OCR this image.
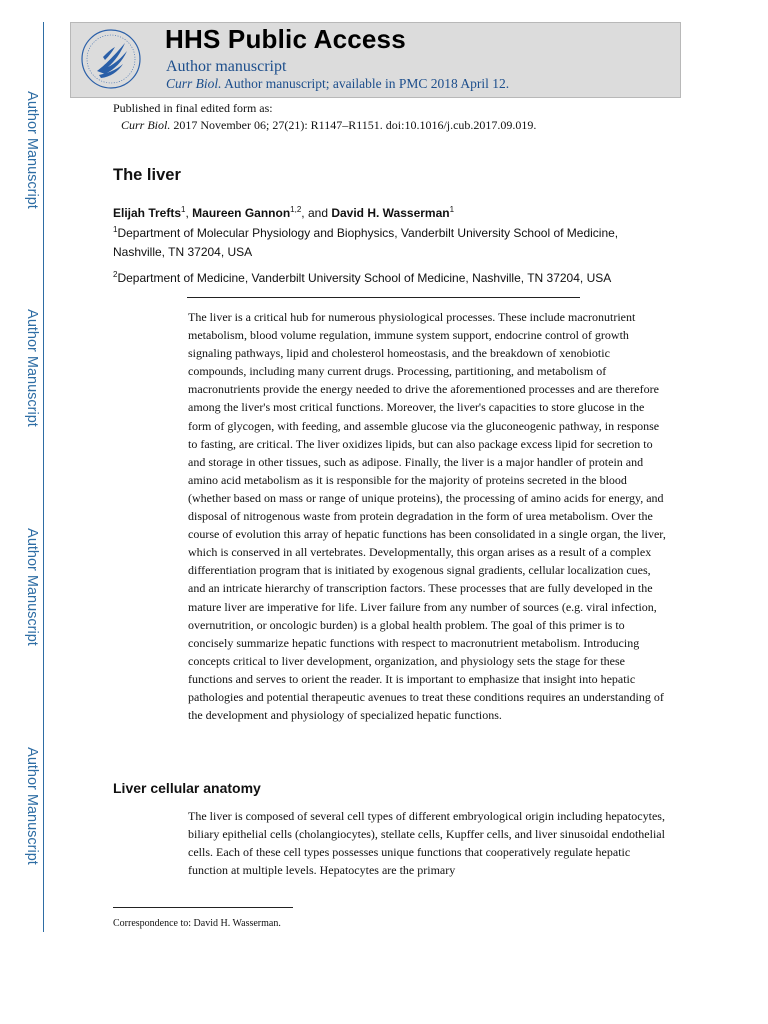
Author Manuscript
Author Manuscript
Author Manuscript
Author Manuscript
HHS Public Access
Author manuscript
Curr Biol. Author manuscript; available in PMC 2018 April 12.
Published in final edited form as:
Curr Biol. 2017 November 06; 27(21): R1147–R1151. doi:10.1016/j.cub.2017.09.019.
The liver
Elijah Trefts$^1$, Maureen Gannon$^{1,2}$, and David H. Wasserman$^1$
$^1$Department of Molecular Physiology and Biophysics, Vanderbilt University School of Medicine, Nashville, TN 37204, USA
$^2$Department of Medicine, Vanderbilt University School of Medicine, Nashville, TN 37204, USA
The liver is a critical hub for numerous physiological processes. These include macronutrient metabolism, blood volume regulation, immune system support, endocrine control of growth signaling pathways, lipid and cholesterol homeostasis, and the breakdown of xenobiotic compounds, including many current drugs. Processing, partitioning, and metabolism of macronutrients provide the energy needed to drive the aforementioned processes and are therefore among the liver's most critical functions. Moreover, the liver's capacities to store glucose in the form of glycogen, with feeding, and assemble glucose via the gluconeogenic pathway, in response to fasting, are critical. The liver oxidizes lipids, but can also package excess lipid for secretion to and storage in other tissues, such as adipose. Finally, the liver is a major handler of protein and amino acid metabolism as it is responsible for the majority of proteins secreted in the blood (whether based on mass or range of unique proteins), the processing of amino acids for energy, and disposal of nitrogenous waste from protein degradation in the form of urea metabolism. Over the course of evolution this array of hepatic functions has been consolidated in a single organ, the liver, which is conserved in all vertebrates. Developmentally, this organ arises as a result of a complex differentiation program that is initiated by exogenous signal gradients, cellular localization cues, and an intricate hierarchy of transcription factors. These processes that are fully developed in the mature liver are imperative for life. Liver failure from any number of sources (e.g. viral infection, overnutrition, or oncologic burden) is a global health problem. The goal of this primer is to concisely summarize hepatic functions with respect to macronutrient metabolism. Introducing concepts critical to liver development, organization, and physiology sets the stage for these functions and serves to orient the reader. It is important to emphasize that insight into hepatic pathologies and potential therapeutic avenues to treat these conditions requires an understanding of the development and physiology of specialized hepatic functions.
Liver cellular anatomy
The liver is composed of several cell types of different embryological origin including hepatocytes, biliary epithelial cells (cholangiocytes), stellate cells, Kupffer cells, and liver sinusoidal endothelial cells. Each of these cell types possesses unique functions that cooperatively regulate hepatic function at multiple levels. Hepatocytes are the primary
Correspondence to: David H. Wasserman.
